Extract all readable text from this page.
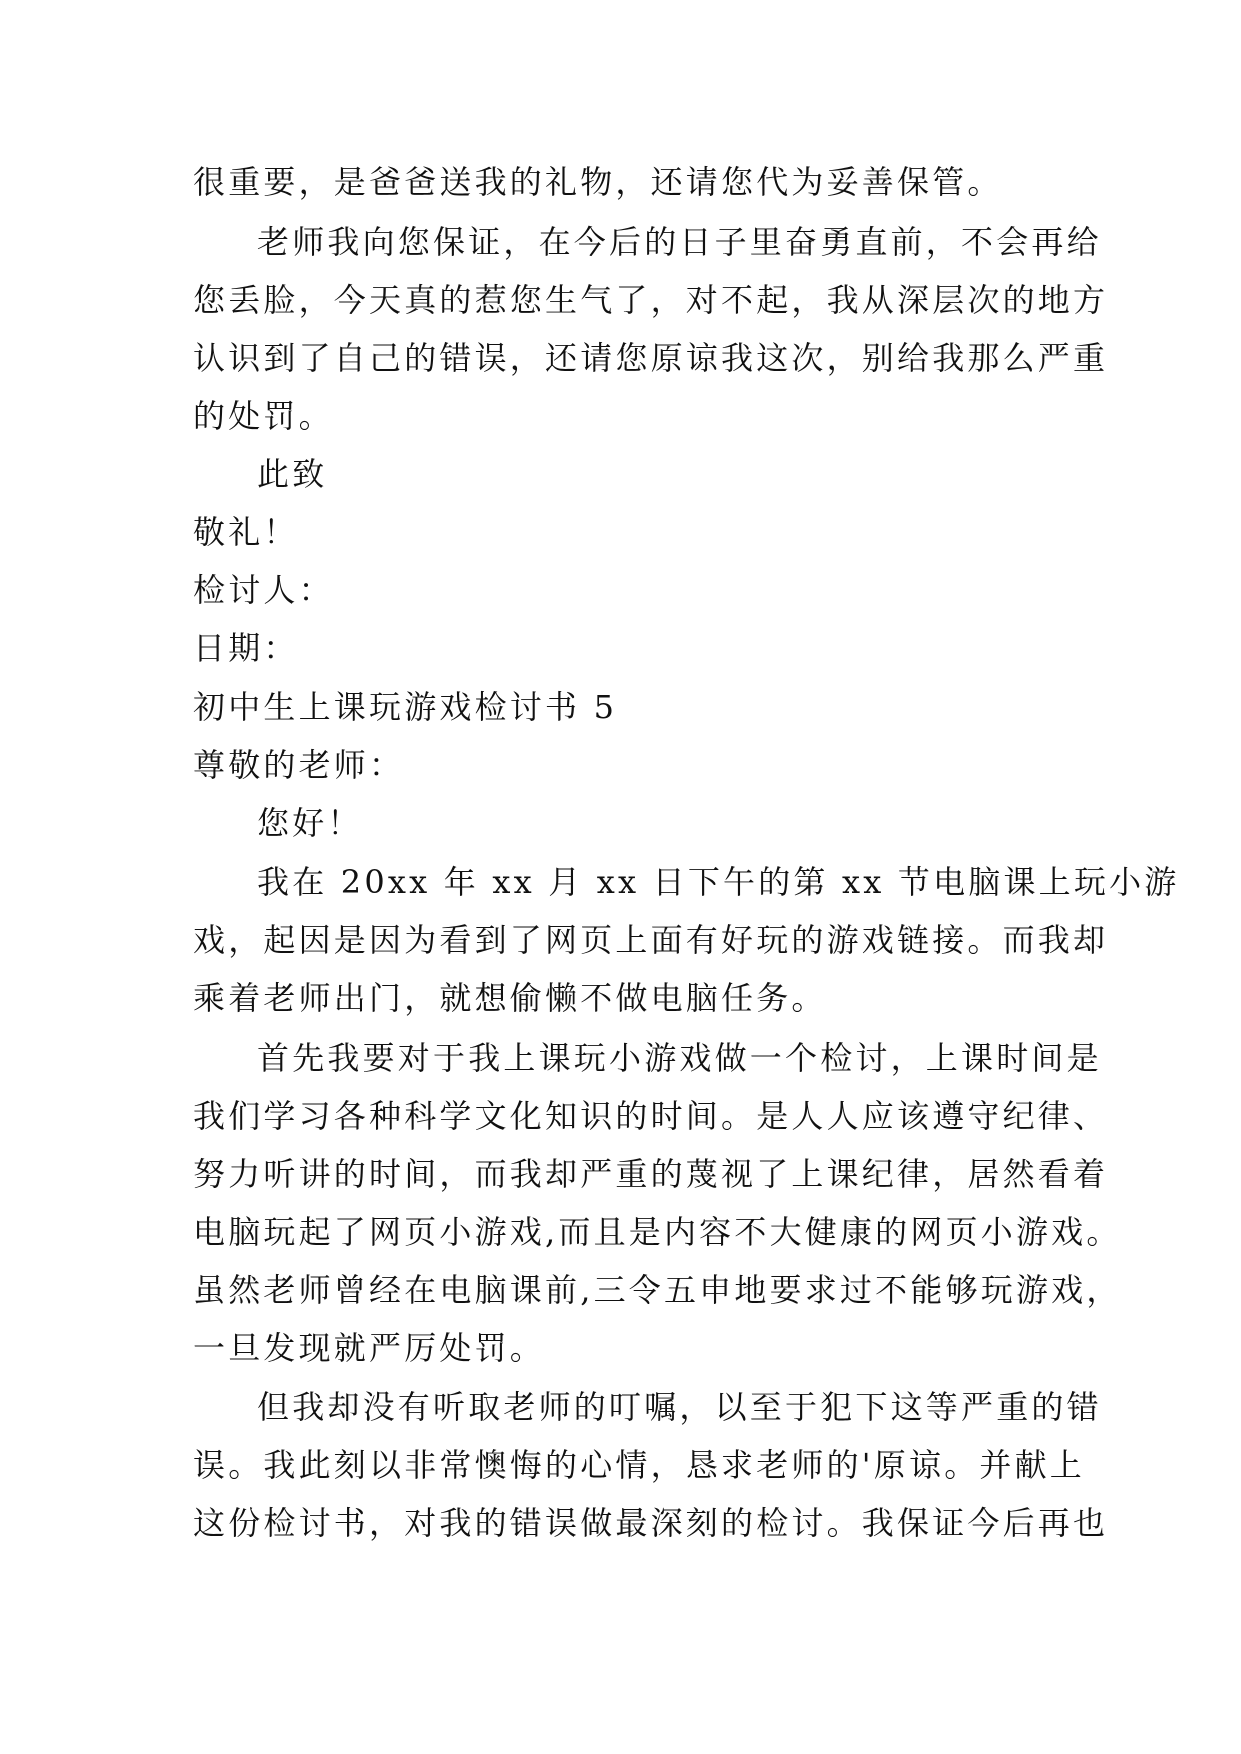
很重要，是爸爸送我的礼物，还请您代为妥善保管。
老师我向您保证，在今后的日子里奋勇直前，不会再给
您丢脸，今天真的惹您生气了，对不起，我从深层次的地方
认识到了自己的错误，还请您原谅我这次，别给我那么严重
的处罚。
此致
敬礼！
检讨人：
日期：
初中生上课玩游戏检讨书 5
尊敬的老师：
您好！
我在 20xx 年 xx 月 xx 日下午的第 xx 节电脑课上玩小游
戏，起因是因为看到了网页上面有好玩的游戏链接。而我却
乘着老师出门，就想偷懒不做电脑任务。
首先我要对于我上课玩小游戏做一个检讨，上课时间是
我们学习各种科学文化知识的时间。是人人应该遵守纪律、
努力听讲的时间，而我却严重的蔑视了上课纪律，居然看着
电脑玩起了网页小游戏,而且是内容不大健康的网页小游戏。
虽然老师曾经在电脑课前,三令五申地要求过不能够玩游戏，
一旦发现就严厉处罚。
但我却没有听取老师的叮嘱，以至于犯下这等严重的错
误。我此刻以非常懊悔的心情，恳求老师的'原谅。并献上
这份检讨书，对我的错误做最深刻的检讨。我保证今后再也
